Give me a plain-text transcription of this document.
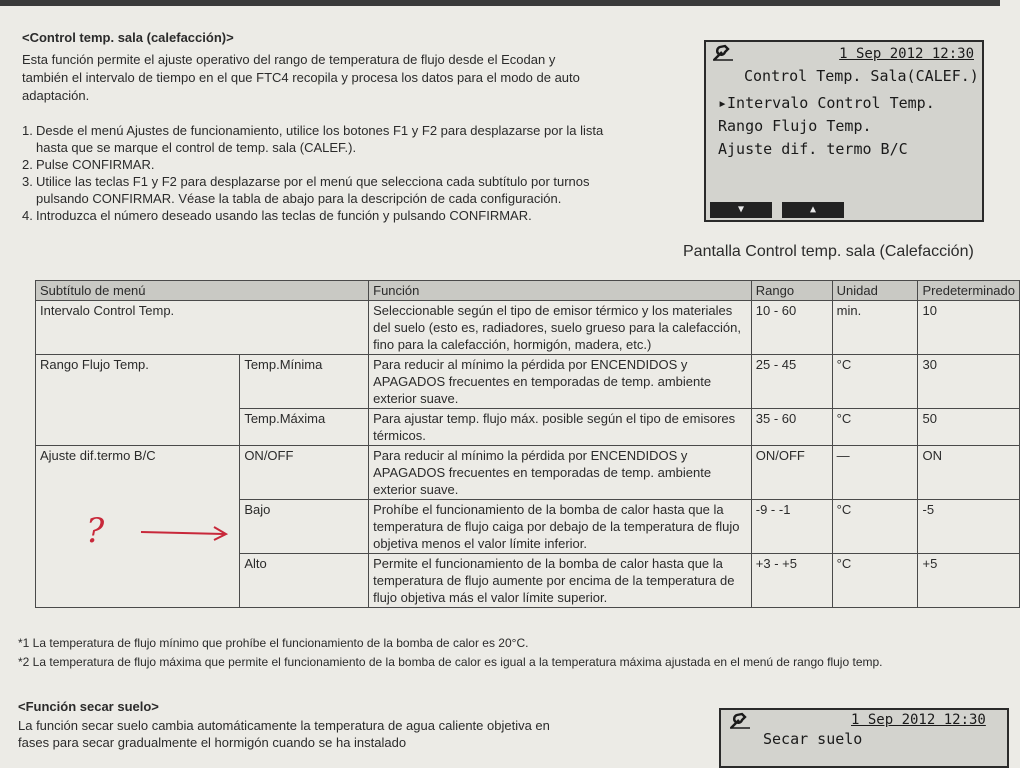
<Control temp. sala (calefacción)>
Esta función permite el ajuste operativo del rango de temperatura de flujo desde el Ecodan y también el intervalo de tiempo en el que FTC4 recopila y procesa los datos para el modo de auto adaptación.
1. Desde el menú Ajustes de funcionamiento, utilice los botones F1 y F2 para desplazarse por la lista hasta que se marque el control de temp. sala (CALEF.).
2. Pulse CONFIRMAR.
3. Utilice las teclas F1 y F2 para desplazarse por el menú que selecciona cada subtítulo por turnos pulsando CONFIRMAR. Véase la tabla de abajo para la descripción de cada configuración.
4. Introduzca el número deseado usando las teclas de función y pulsando CONFIRMAR.
1 Sep 2012 12:30
Control Temp. Sala(CALEF.)
▸Intervalo Control Temp.
Rango Flujo Temp.
Ajuste dif. termo B/C
▼	▲
Pantalla Control temp. sala (Calefacción)
Subtítulo de menú		Función	Rango	Unidad	Predeterminado
Intervalo Control Temp.		Seleccionable según el tipo de emisor térmico y los materiales del suelo (esto es, radiadores, suelo grueso para la calefacción, fino para la calefacción, hormigón, madera, etc.)	10 - 60	min.	10
Rango Flujo Temp.	Temp.Mínima	Para reducir al mínimo la pérdida por ENCENDIDOS y APAGADOS frecuentes en temporadas de temp. ambiente exterior suave.	25 - 45	°C	30
	Temp.Máxima	Para ajustar temp. flujo máx. posible según el tipo de emisores térmicos.	35 - 60	°C	50
Ajuste dif.termo B/C	ON/OFF	Para reducir al mínimo la pérdida por ENCENDIDOS y APAGADOS frecuentes en temporadas de temp. ambiente exterior suave.	ON/OFF	—	ON
	Bajo	Prohíbe el funcionamiento de la bomba de calor hasta que la temperatura de flujo caiga por debajo de la temperatura de flujo objetiva menos el valor límite inferior.	-9 - -1	°C	-5
	Alto	Permite el funcionamiento de la bomba de calor hasta que la temperatura de flujo aumente por encima de la temperatura de flujo objetiva más el valor límite superior.	+3 - +5	°C	+5
?
*1 La temperatura de flujo mínimo que prohíbe el funcionamiento de la bomba de calor es 20°C.
*2 La temperatura de flujo máxima que permite el funcionamiento de la bomba de calor es igual a la temperatura máxima ajustada en el menú de rango flujo temp.
<Función secar suelo>
La función secar suelo cambia automáticamente la temperatura de agua caliente objetiva en fases para secar gradualmente el hormigón cuando se ha instalado
1 Sep 2012 12:30
Secar suelo
